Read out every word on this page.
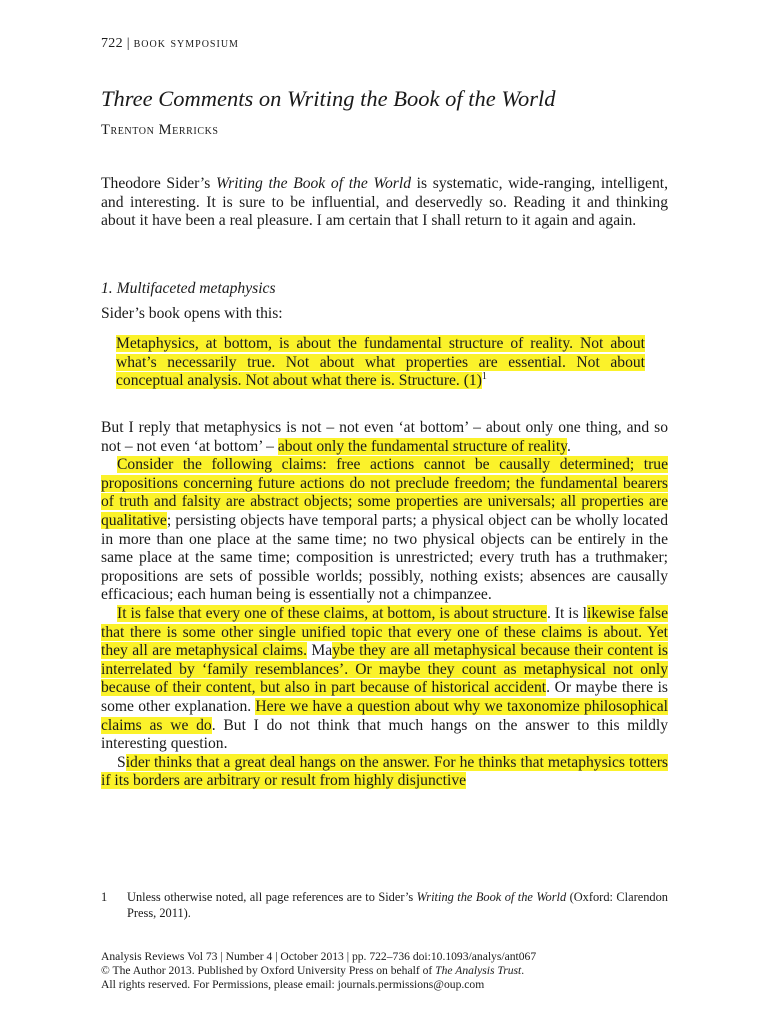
722 | book symposium
Three Comments on Writing the Book of the World
Trenton Merricks

Theodore Sider’s Writing the Book of the World is systematic, wide-ranging, intelligent, and interesting. It is sure to be influential, and deservedly so. Reading it and thinking about it have been a real pleasure. I am certain that I shall return to it again and again.

1. Multifaceted metaphysics
Sider’s book opens with this:

Metaphysics, at bottom, is about the fundamental structure of reality. Not about what’s necessarily true. Not about what properties are essential. Not about conceptual analysis. Not about what there is. Structure. $(1)^1$

But I reply that metaphysics is not – not even ‘at bottom’ – about only one thing, and so not – not even ‘at bottom’ – about only the fundamental structure of reality.

Consider the following claims: free actions cannot be causally determined; true propositions concerning future actions do not preclude freedom; the fundamental bearers of truth and falsity are abstract objects; some properties are universals; all properties are qualitative; persisting objects have temporal parts; a physical object can be wholly located in more than one place at the same time; no two physical objects can be entirely in the same place at the same time; composition is unrestricted; every truth has a truthmaker; propositions are sets of possible worlds; possibly, nothing exists; absences are causally efficacious; each human being is essentially not a chimpanzee.

It is false that every one of these claims, at bottom, is about structure. It is likewise false that there is some other single unified topic that every one of these claims is about. Yet they all are metaphysical claims. Maybe they are all metaphysical because their content is interrelated by ‘family resemblances’. Or maybe they count as metaphysical not only because of their content, but also in part because of historical accident. Or maybe there is some other explanation. Here we have a question about why we taxonomize philosophical claims as we do. But I do not think that much hangs on the answer to this mildly interesting question.

Sider thinks that a great deal hangs on the answer. For he thinks that metaphysics totters if its borders are arbitrary or result from highly disjunctive

1	Unless otherwise noted, all page references are to Sider’s Writing the Book of the World (Oxford: Clarendon Press, 2011).
Analysis Reviews Vol 73 | Number 4 | October 2013 | pp. 722–736 doi:10.1093/analys/ant067
© The Author 2013. Published by Oxford University Press on behalf of The Analysis Trust.
All rights reserved. For Permissions, please email: journals.permissions@oup.com
